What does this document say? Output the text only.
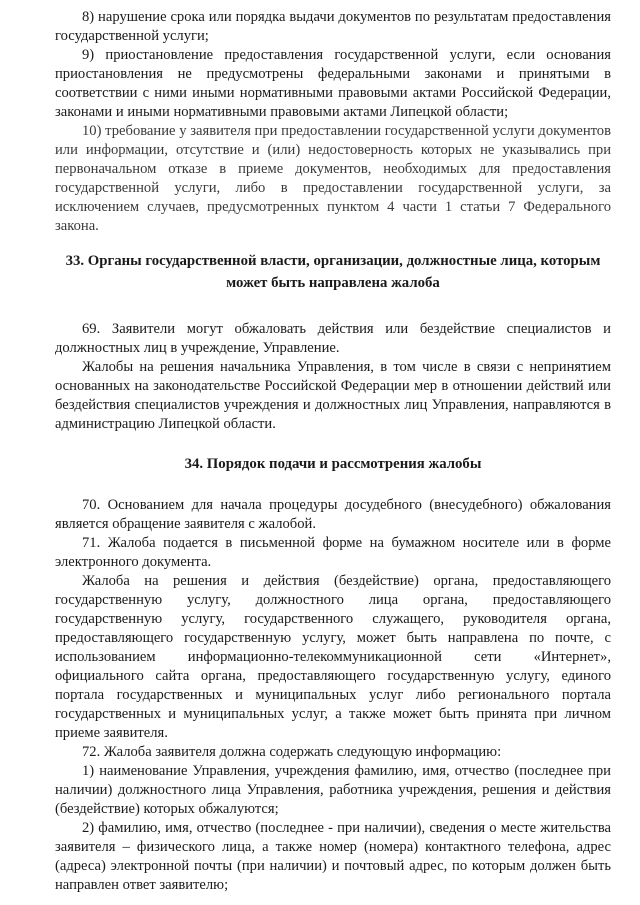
8) нарушение срока или порядка выдачи документов по результатам предоставления государственной услуги;

9) приостановление предоставления государственной услуги, если основания приостановления не предусмотрены федеральными законами и принятыми в соответствии с ними иными нормативными правовыми актами Российской Федерации, законами и иными нормативными правовыми актами Липецкой области;

10) требование у заявителя при предоставлении государственной услуги документов или информации, отсутствие и (или) недостоверность которых не указывались при первоначальном отказе в приеме документов, необходимых для предоставления государственной услуги, либо в предоставлении государственной услуги, за исключением случаев, предусмотренных пунктом 4 части 1 статьи 7 Федерального закона.

33. Органы государственной власти, организации, должностные лица, которым может быть направлена жалоба

69. Заявители могут обжаловать действия или бездействие специалистов и должностных лиц в учреждение, Управление.

Жалобы на решения начальника Управления, в том числе в связи с непринятием основанных на законодательстве Российской Федерации мер в отношении действий или бездействия специалистов учреждения и должностных лиц Управления, направляются в администрацию Липецкой области.

34. Порядок подачи и рассмотрения жалобы

70. Основанием для начала процедуры досудебного (внесудебного) обжалования является обращение заявителя с жалобой.

71. Жалоба подается в письменной форме на бумажном носителе или в форме электронного документа.

Жалоба на решения и действия (бездействие) органа, предоставляющего государственную услугу, должностного лица органа, предоставляющего государственную услугу, государственного служащего, руководителя органа, предоставляющего государственную услугу, может быть направлена по почте, с использованием информационно-телекоммуникационной сети «Интернет», официального сайта органа, предоставляющего государственную услугу, единого портала государственных и муниципальных услуг либо регионального портала государственных и муниципальных услуг, а также может быть принята при личном приеме заявителя.

72. Жалоба заявителя должна содержать следующую информацию:

1) наименование Управления, учреждения фамилию, имя, отчество (последнее при наличии) должностного лица Управления, работника учреждения, решения и действия (бездействие) которых обжалуются;

2) фамилию, имя, отчество (последнее - при наличии), сведения о месте жительства заявителя – физического лица, а также номер (номера) контактного телефона, адрес (адреса) электронной почты (при наличии) и почтовый адрес, по которым должен быть направлен ответ заявителю;
